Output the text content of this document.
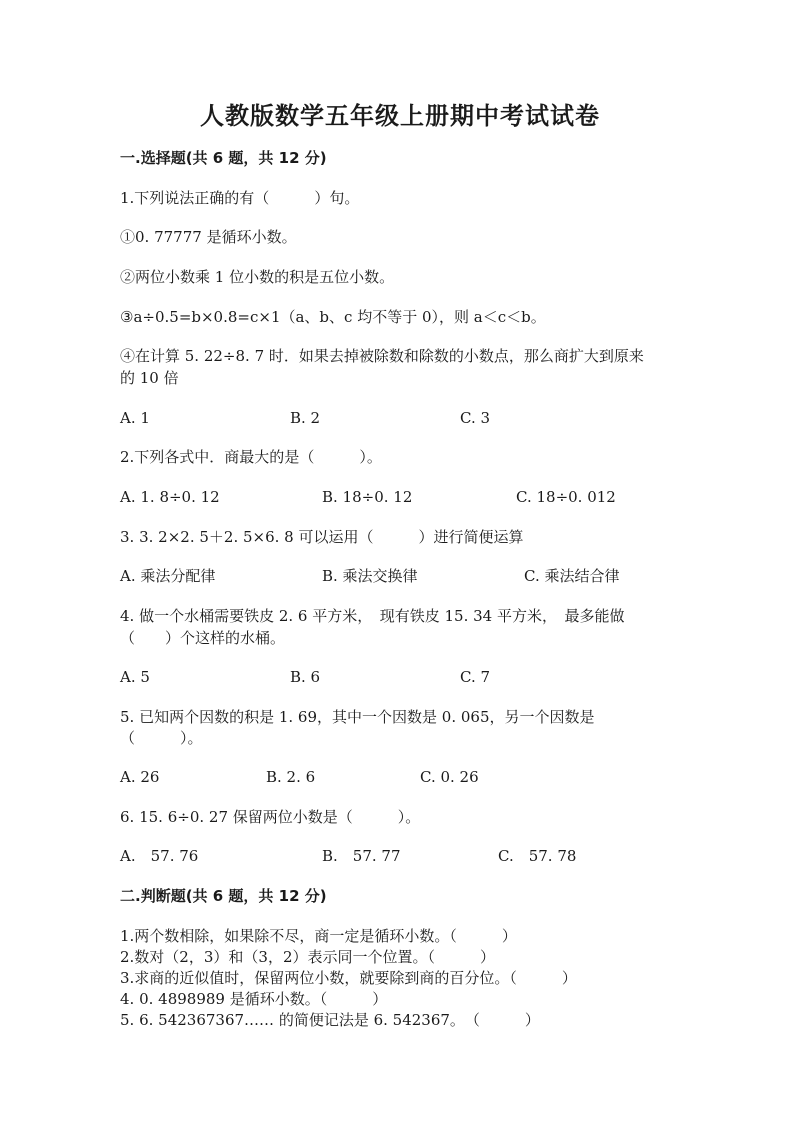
人教版数学五年级上册期中考试试卷
一.选择题(共 6 题，共 12 分)
1.下列说法正确的有（　　　）句。
①0. 77777 是循环小数。
②两位小数乘 1 位小数的积是五位小数。
③a÷0.5=b×0.8=c×1（a、b、c 均不等于 0），则 a＜c＜b。
④在计算 5. 22÷8. 7 时．如果去掉被除数和除数的小数点，那么商扩大到原来
的 10 倍
A. 1	B. 2	C. 3
2.下列各式中．商最大的是（　　　）。
A. 1. 8÷0. 12	B. 18÷0. 12	C. 18÷0. 012
3. 3. 2×2. 5＋2. 5×6. 8 可以运用（　　　）进行简便运算
A. 乘法分配律	B. 乘法交换律	C. 乘法结合律
4. 做一个水桶需要铁皮 2. 6 平方米，　现有铁皮 15. 34 平方米，　最多能做
（　　）个这样的水桶。
A. 5	B. 6	C. 7
5. 已知两个因数的积是 1. 69，其中一个因数是 0. 065，另一个因数是
（　　　）。
A. 26	B. 2. 6	C. 0. 26
6. 15. 6÷0. 27 保留两位小数是（　　　）。
A.　57. 76	B.　57. 77	C.　57. 78
二.判断题(共 6 题，共 12 分)
1.两个数相除，如果除不尽，商一定是循环小数。（　　　）
2.数对（2，3）和（3，2）表示同一个位置。（　　　）
3.求商的近似值时，保留两位小数，就要除到商的百分位。（　　　）
4. 0. 4898989 是循环小数。（　　　）
5. 6. 542367367…… 的简便记法是 6. 542367。　（　　　）
